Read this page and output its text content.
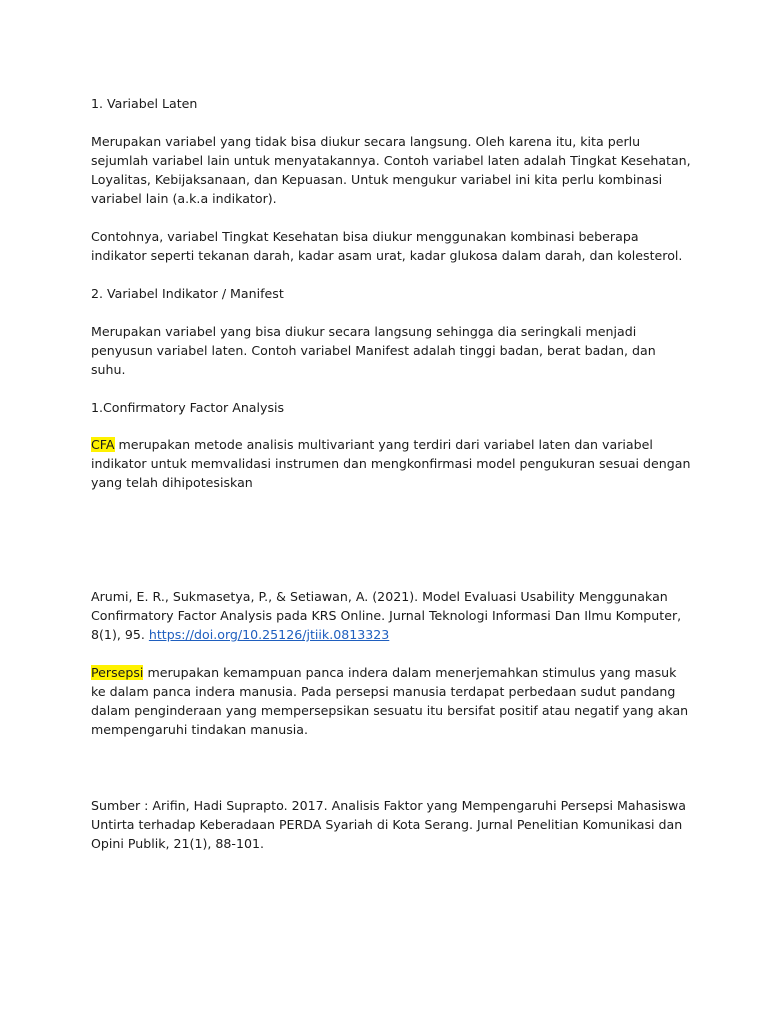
1. Variabel Laten

Merupakan variabel yang tidak bisa diukur secara langsung. Oleh karena itu, kita perlu sejumlah variabel lain untuk menyatakannya. Contoh variabel laten adalah Tingkat Kesehatan, Loyalitas, Kebijaksanaan, dan Kepuasan. Untuk mengukur variabel ini kita perlu kombinasi variabel lain (a.k.a indikator).

Contohnya, variabel Tingkat Kesehatan bisa diukur menggunakan kombinasi beberapa indikator seperti tekanan darah, kadar asam urat, kadar glukosa dalam darah, dan kolesterol.

2. Variabel Indikator / Manifest

Merupakan variabel yang bisa diukur secara langsung sehingga dia seringkali menjadi penyusun variabel laten. Contoh variabel Manifest adalah tinggi badan, berat badan, dan suhu.

1.Confirmatory Factor Analysis

CFA merupakan metode analisis multivariant yang terdiri dari variabel laten dan variabel indikator untuk memvalidasi instrumen dan mengkonfirmasi model pengukuran sesuai dengan yang telah dihipotesiskan

Arumi, E. R., Sukmasetya, P., & Setiawan, A. (2021). Model Evaluasi Usability Menggunakan Confirmatory Factor Analysis pada KRS Online. Jurnal Teknologi Informasi Dan Ilmu Komputer, 8(1), 95. https://doi.org/10.25126/jtiik.0813323

Persepsi merupakan kemampuan panca indera dalam menerjemahkan stimulus yang masuk ke dalam panca indera manusia. Pada persepsi manusia terdapat perbedaan sudut pandang dalam penginderaan yang mempersepsikan sesuatu itu bersifat positif atau negatif yang akan mempengaruhi tindakan manusia.

Sumber : Arifin, Hadi Suprapto. 2017. Analisis Faktor yang Mempengaruhi Persepsi Mahasiswa Untirta terhadap Keberadaan PERDA Syariah di Kota Serang. Jurnal Penelitian Komunikasi dan Opini Publik, 21(1), 88-101.
